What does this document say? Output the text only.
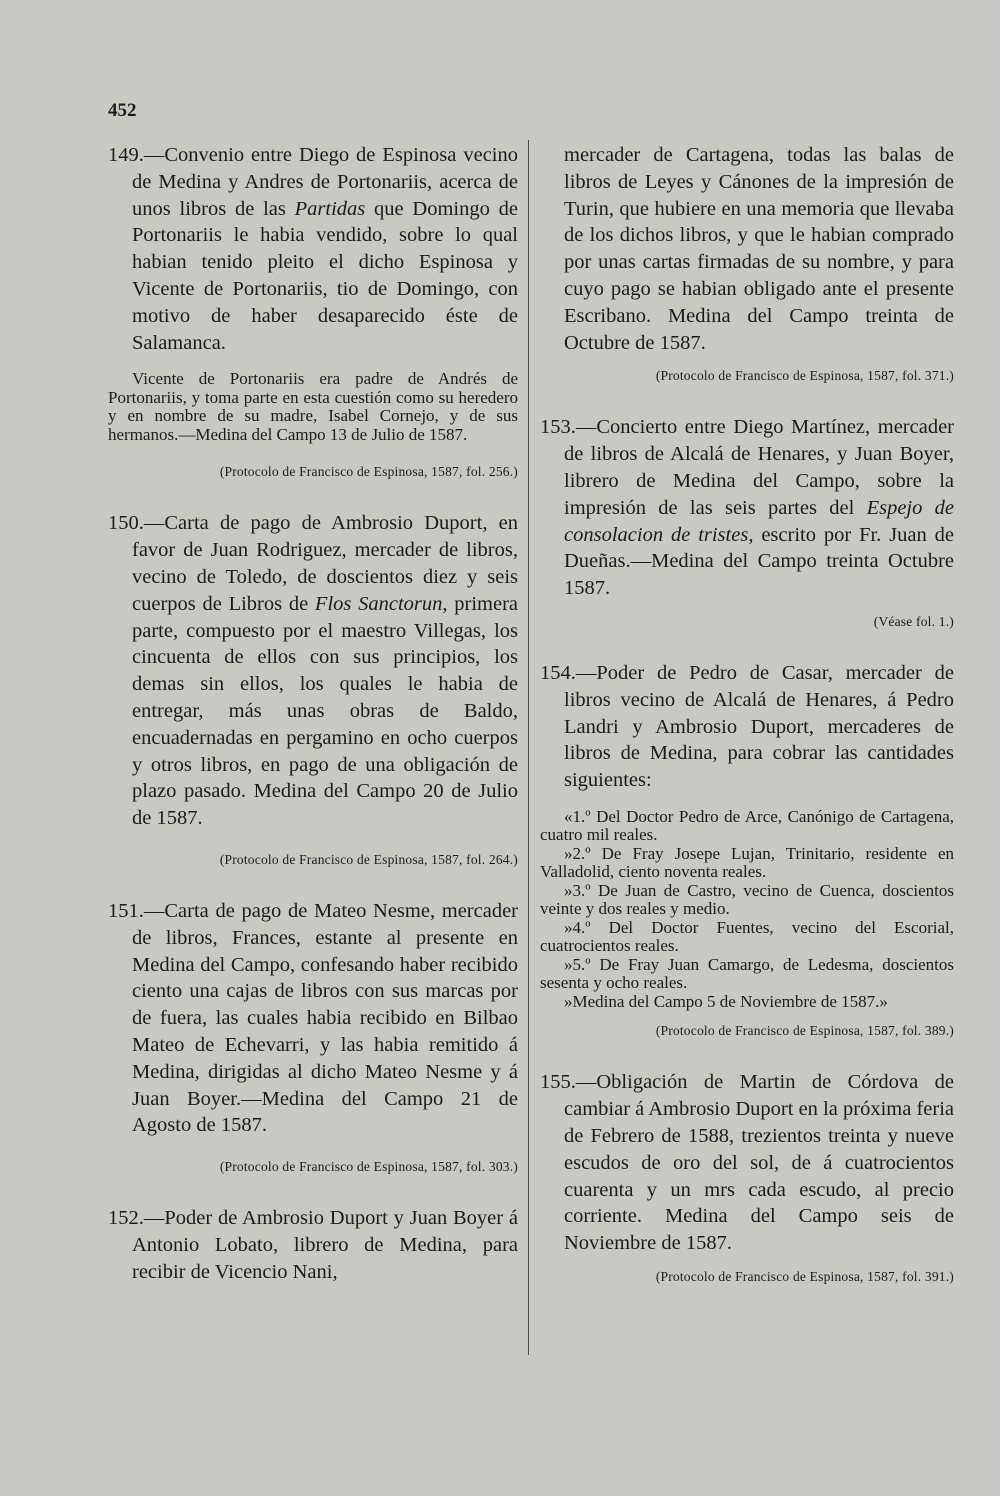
452

149.—Convenio entre Diego de Espinosa vecino de Medina y Andres de Portonariis, acerca de unos libros de las Partidas que Domingo de Portonariis le habia vendido, sobre lo qual habian tenido pleito el dicho Espinosa y Vicente de Portonariis, tio de Domingo, con motivo de haber desaparecido éste de Salamanca.

Vicente de Portonariis era padre de Andrés de Portonariis, y toma parte en esta cuestión como su heredero y en nombre de su madre, Isabel Cornejo, y de sus hermanos.—Medina del Campo 13 de Julio de 1587.

(Protocolo de Francisco de Espinosa, 1587, fol. 256.)

150.—Carta de pago de Ambrosio Duport, en favor de Juan Rodriguez, mercader de libros, vecino de Toledo, de doscientos diez y seis cuerpos de Libros de Flos Sanctorun, primera parte, compuesto por el maestro Villegas, los cincuenta de ellos con sus principios, los demas sin ellos, los quales le habia de entregar, más unas obras de Baldo, encuadernadas en pergamino en ocho cuerpos y otros libros, en pago de una obligación de plazo pasado. Medina del Campo 20 de Julio de 1587.

(Protocolo de Francisco de Espinosa, 1587, fol. 264.)

151.—Carta de pago de Mateo Nesme, mercader de libros, Frances, estante al presente en Medina del Campo, confesando haber recibido ciento una cajas de libros con sus marcas por de fuera, las cuales habia recibido en Bilbao Mateo de Echevarri, y las habia remitido á Medina, dirigidas al dicho Mateo Nesme y á Juan Boyer.—Medina del Campo 21 de Agosto de 1587.

(Protocolo de Francisco de Espinosa, 1587, fol. 303.)

152.—Poder de Ambrosio Duport y Juan Boyer á Antonio Lobato, librero de Medina, para recibir de Vicencio Nani,

mercader de Cartagena, todas las balas de libros de Leyes y Cánones de la impresión de Turin, que hubiere en una memoria que llevaba de los dichos libros, y que le habian comprado por unas cartas firmadas de su nombre, y para cuyo pago se habian obligado ante el presente Escribano. Medina del Campo treinta de Octubre de 1587.

(Protocolo de Francisco de Espinosa, 1587, fol. 371.)

153.—Concierto entre Diego Martínez, mercader de libros de Alcalá de Henares, y Juan Boyer, librero de Medina del Campo, sobre la impresión de las seis partes del Espejo de consolacion de tristes, escrito por Fr. Juan de Dueñas.—Medina del Campo treinta Octubre 1587.

(Véase fol. 1.)

154.—Poder de Pedro de Casar, mercader de libros vecino de Alcalá de Henares, á Pedro Landri y Ambrosio Duport, mercaderes de libros de Medina, para cobrar las cantidades siguientes:

«1.º Del Doctor Pedro de Arce, Canónigo de Cartagena, cuatro mil reales.

»2.º De Fray Josepe Lujan, Trinitario, residente en Valladolid, ciento noventa reales.

»3.º De Juan de Castro, vecino de Cuenca, doscientos veinte y dos reales y medio.

»4.º Del Doctor Fuentes, vecino del Escorial, cuatrocientos reales.

»5.º De Fray Juan Camargo, de Ledesma, doscientos sesenta y ocho reales.

»Medina del Campo 5 de Noviembre de 1587.»

(Protocolo de Francisco de Espinosa, 1587, fol. 389.)

155.—Obligación de Martin de Córdova de cambiar á Ambrosio Duport en la próxima feria de Febrero de 1588, trezientos treinta y nueve escudos de oro del sol, de á cuatrocientos cuarenta y un mrs cada escudo, al precio corriente. Medina del Campo seis de Noviembre de 1587.

(Protocolo de Francisco de Espinosa, 1587, fol. 391.)
